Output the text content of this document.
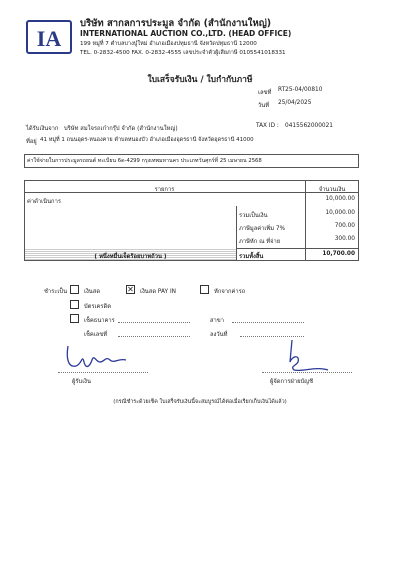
IA
บริษัท สากลการประมูล จำกัด (สำนักงานใหญ่)
INTERNATIONAL AUCTION CO.,LTD. (HEAD OFFICE)
199 หมู่ที่ 7 ตำบลบางปู่ใหม่ อำเภอเมืองปทุมธานี จังหวัดปทุมธานี 12000
TEL. 0-2832-4500 FAX. 0-2832-4555 เลขประจำตัวผู้เสียภาษี 0105541018331
ใบเสร็จรับเงิน / ใบกำกับภาษี
เลขที่ RT25-04/00810
วันที่ 25/04/2025
ได้รับเงินจาก บริษัท สมใจรถเก๋ากรุ๊ป จำกัด (สำนักงานใหญ่)	TAX ID : 0415562000021
ที่อยู่ 41 หมู่ที่ 1 ถนนอุดร-หนองคาย ตำบลหนองบัว อำเภอเมืองอุดรธานี จังหวัดอุดรธานี 41000
ค่าใช้จ่ายในการประมูลรถยนต์ ทะเบียน 6ด-4299 กรุงเทพมหานคร ประเภทวันศุกร์ที่ 25 เมษายน 2568
รายการ	จำนวนเงิน
ค่าดำเนินการ	10,000.00
รวมเป็นเงิน	10,000.00
ภาษีมูลค่าเพิ่ม 7%	700.00
ภาษีหัก ณ ที่จ่าย	300.00
( หนึ่งหมื่นเจ็ดร้อยบาทถ้วน )	รวมทั้งสิ้น	10,700.00
ชำระเป็น	เงินสด	✕ เงินสด PAY IN	หักจากค่ารถ
บัตรเครดิต
เช็คธนาคาร	สาขา
เช็คเลขที่	ลงวันที่
ผู้รับเงิน	ผู้จัดการฝ่ายบัญชี
(กรณีชำระด้วยเช็ค ใบเสร็จรับเงินนี้จะสมบูรณ์ได้ต่อเมื่อเรียกเก็บเงินได้แล้ว)
